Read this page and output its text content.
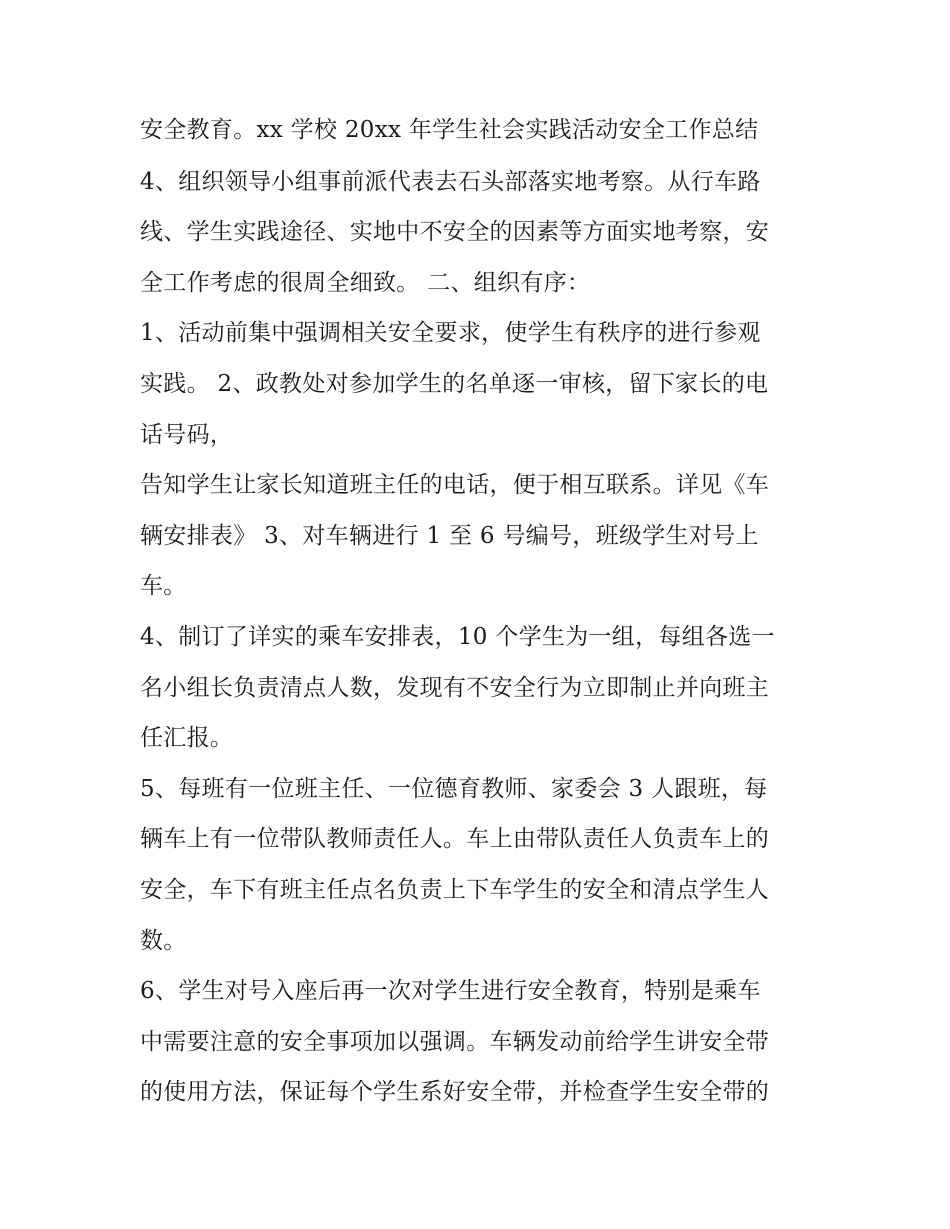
安全教育。xx 学校 20xx 年学生社会实践活动安全工作总结
4、组织领导小组事前派代表去石头部落实地考察。从行车路
线、学生实践途径、实地中不安全的因素等方面实地考察，安
全工作考虑的很周全细致。 二、组织有序：
1、活动前集中强调相关安全要求，使学生有秩序的进行参观
实践。 2、政教处对参加学生的名单逐一审核，留下家长的电
话号码，
告知学生让家长知道班主任的电话，便于相互联系。详见《车
辆安排表》 3、对车辆进行 1 至 6 号编号，班级学生对号上
车。
4、制订了详实的乘车安排表，10 个学生为一组，每组各选一
名小组长负责清点人数，发现有不安全行为立即制止并向班主
任汇报。
5、每班有一位班主任、一位德育教师、家委会 3 人跟班，每
辆车上有一位带队教师责任人。车上由带队责任人负责车上的
安全，车下有班主任点名负责上下车学生的安全和清点学生人
数。
6、学生对号入座后再一次对学生进行安全教育，特别是乘车
中需要注意的安全事项加以强调。车辆发动前给学生讲安全带
的使用方法，保证每个学生系好安全带，并检查学生安全带的
